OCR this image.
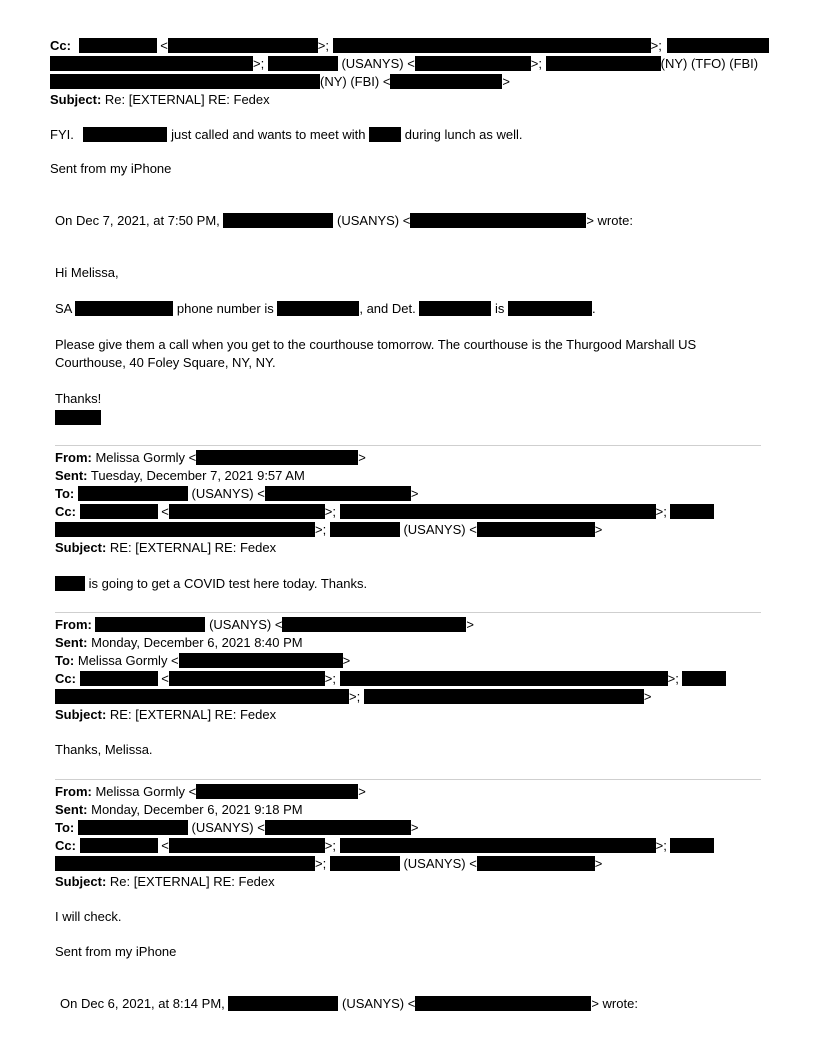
Cc:	<	>;	>;
>;	(USANYS) <	>;	(NY) (TFO) (FBI)
(NY) (FBI) <	>
Subject: Re: [EXTERNAL] RE: Fedex
FYI.	just called and wants to meet with	during lunch as well.
Sent from my iPhone
On Dec 7, 2021, at 7:50 PM,	(USANYS) <	> wrote:
Hi Melissa,
SA	phone number is	, and Det.	is	.
Please give them a call when you get to the courthouse tomorrow. The courthouse is the Thurgood Marshall US
Courthouse, 40 Foley Square, NY, NY.
Thanks!
From: Melissa Gormly <	>
Sent: Tuesday, December 7, 2021 9:57 AM
To:	(USANYS) <	>
Cc:	<	>;	>;
>;	(USANYS) <	>
Subject: RE: [EXTERNAL] RE: Fedex
is going to get a COVID test here today. Thanks.
From:	(USANYS) <	>
Sent: Monday, December 6, 2021 8:40 PM
To: Melissa Gormly <	>
Cc:	<	>;	>;
>;	>
Subject: RE: [EXTERNAL] RE: Fedex
Thanks, Melissa.
From: Melissa Gormly <	>
Sent: Monday, December 6, 2021 9:18 PM
To:	(USANYS) <	>
Cc:	<	>;	>;
>;	(USANYS) <	>
Subject: Re: [EXTERNAL] RE: Fedex
I will check.
Sent from my iPhone
On Dec 6, 2021, at 8:14 PM,	(USANYS) <	> wrote:
